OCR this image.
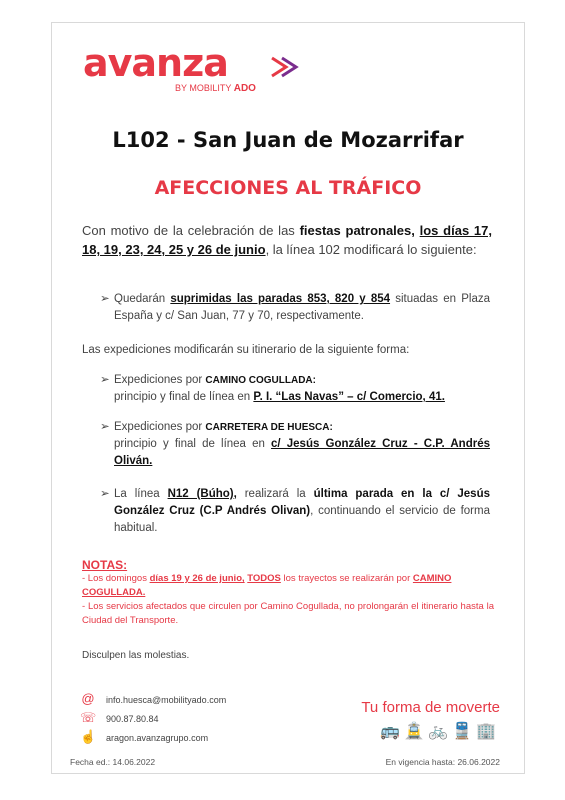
avanza
BY MOBILITY ADO
L102 - San Juan de Mozarrifar
AFECCIONES AL TRÁFICO
Con motivo de la celebración de las fiestas patronales, los días 17, 18, 19, 23, 24, 25 y 26 de junio, la línea 102 modificará lo siguiente:
➢ Quedarán suprimidas las paradas 853, 820 y 854 situadas en Plaza España y c/ San Juan, 77 y 70, respectivamente.
Las expediciones modificarán su itinerario de la siguiente forma:
➢ Expediciones por CAMINO COGULLADA:
principio y final de línea en P. I. “Las Navas” – c/ Comercio, 41.
➢ Expediciones por CARRETERA DE HUESCA:
principio y final de línea en c/ Jesús González Cruz - C.P. Andrés Oliván.
➢ La línea N12 (Búho), realizará la última parada en la c/ Jesús González Cruz (C.P Andrés Olivan), continuando el servicio de forma habitual.
NOTAS:
- Los domingos días 19 y 26 de junio, TODOS los trayectos se realizarán por CAMINO COGULLADA.
- Los servicios afectados que circulen por Camino Cogullada, no prolongarán el itinerario hasta la Ciudad del Transporte.
Disculpen las molestias.
@ info.huesca@mobilityado.com
☏ 900.87.80.84
☝ aragon.avanzagrupo.com
Tu forma de moverte
🚌🚊🚲🚆🏢
Fecha ed.: 14.06.2022	En vigencia hasta: 26.06.2022
